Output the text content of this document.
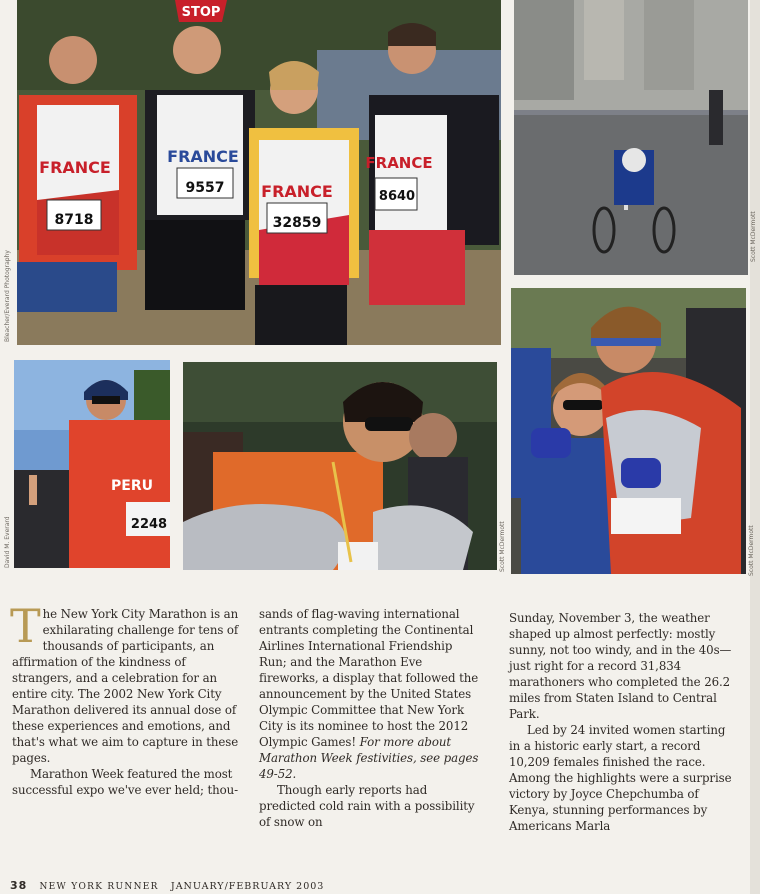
STOP
FRANCE
8718
FRANCE
9557 FRANCE
32859
FRANCE
8640
Bleacher/Everard Photography
Scott McDermott
PERU
2248
David M. Everard	Scott McDermott	Scott McDermott

The New York City Marathon is an exhilarating challenge for tens of thousands of participants, an affirmation of the kindness of strangers, and a celebration for an entire city. The 2002 New York City Marathon delivered its annual dose of these experiences and emotions, and that's what we aim to capture in these pages.

Marathon Week featured the most successful expo we've ever held; thou-

sands of flag-waving international entrants completing the Continental Airlines International Friendship Run; and the Marathon Eve fireworks, a display that followed the announcement by the United States Olympic Committee that New York City is its nominee to host the 2012 Olympic Games! For more about Marathon Week festivities, see pages 49-52.

Though early reports had predicted cold rain with a possibility of snow on

Sunday, November 3, the weather shaped up almost perfectly: mostly sunny, not too windy, and in the 40s—just right for a record 31,834 marathoners who completed the 26.2 miles from Staten Island to Central Park.

Led by 24 invited women starting in a historic early start, a record 10,209 females finished the race. Among the highlights were a surprise victory by Joyce Chepchumba of Kenya, stunning performances by Americans Marla

38 NEW YORK RUNNER JANUARY/FEBRUARY 2003
